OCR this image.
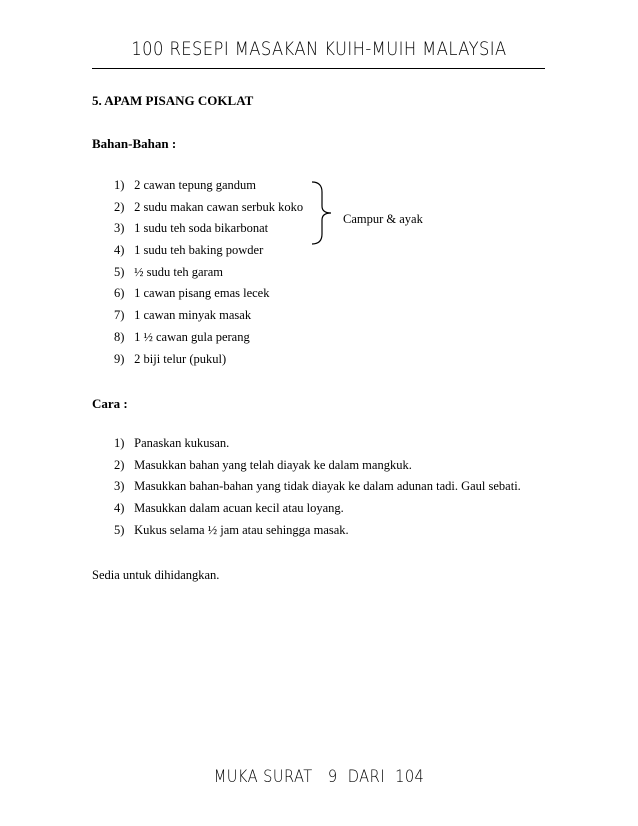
100 RESEPI MASAKAN KUIH-MUIH MALAYSIA
5. APAM PISANG COKLAT
Bahan-Bahan :
1) 2 cawan tepung gandum
2) 2 sudu makan cawan serbuk koko
3) 1 sudu teh soda bikarbonat
4) 1 sudu teh baking powder
5) ½ sudu teh garam
6) 1 cawan pisang emas lecek
7) 1 cawan minyak masak
8) 1 ½ cawan gula perang
9) 2 biji telur (pukul)
Campur & ayak
Cara :
1) Panaskan kukusan.
2) Masukkan bahan yang telah diayak ke dalam mangkuk.
3) Masukkan bahan-bahan yang tidak diayak ke dalam adunan tadi. Gaul sebati.
4) Masukkan dalam acuan kecil atau loyang.
5) Kukus selama ½ jam atau sehingga masak.
Sedia untuk dihidangkan.
MUKA SURAT   9  DARI  104
